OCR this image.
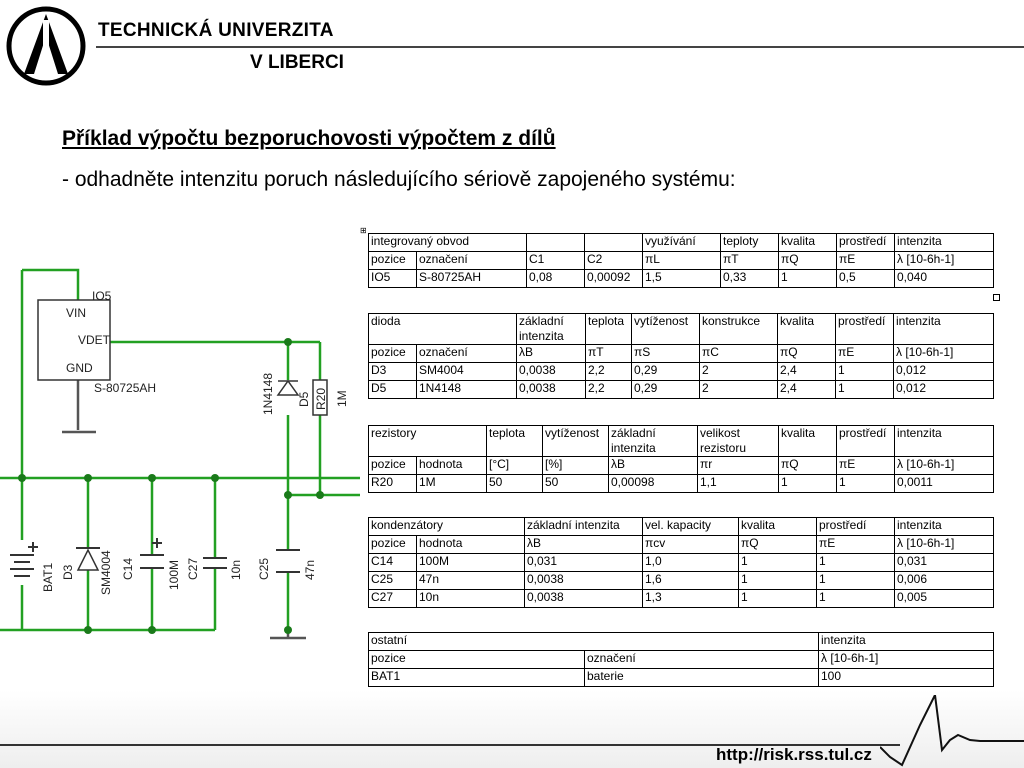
TECHNICKÁ UNIVERZITA
V LIBERCI
Příklad výpočtu bezporuchovosti výpočtem z dílů
- odhadněte intenzitu poruch následujícího sériově zapojeného systému:
IO5
VIN
VDET
GND
S-80725AH	1N4148 D5 R20 1M
BAT1 D3 SM4004 C14	100M C27 10n C25	47n
⊞
integrovaný obvod				využívání	teploty	kvalita	prostředí	intenzita
pozice	označení	C1	C2	πL	πT	πQ	πE	λ [10-6h-1]
IO5	S-80725AH	0,08	0,00092	1,5	0,33	1	0,5	0,040
dioda		základní intenzita	teplota	vytíženost	konstrukce	kvalita	prostředí	intenzita
pozice	označení	λB	πT	πS	πC	πQ	πE	λ [10-6h-1]
D3	SM4004	0,0038	2,2	0,29	2	2,4	1	0,012
D5	1N4148	0,0038	2,2	0,29	2	2,4	1	0,012
rezistory		teplota	vytíženost	základní intenzita	velikost rezistoru	kvalita	prostředí	intenzita
pozice	hodnota	[°C]	[%]	λB	πr	πQ	πE	λ [10-6h-1]
R20	1M	50	50	0,00098	1,1	1	1	0,0011
kondenzátory		základní intenzita	vel. kapacity	kvalita	prostředí	intenzita
pozice	hodnota	λB	πcv	πQ	πE	λ [10-6h-1]
C14	100M	0,031	1,0	1	1	0,031
C25	47n	0,0038	1,6	1	1	0,006
C27	10n	0,0038	1,3	1	1	0,005
ostatní		intenzita
pozice	označení	λ [10-6h-1]
BAT1	baterie	100
http://risk.rss.tul.cz
